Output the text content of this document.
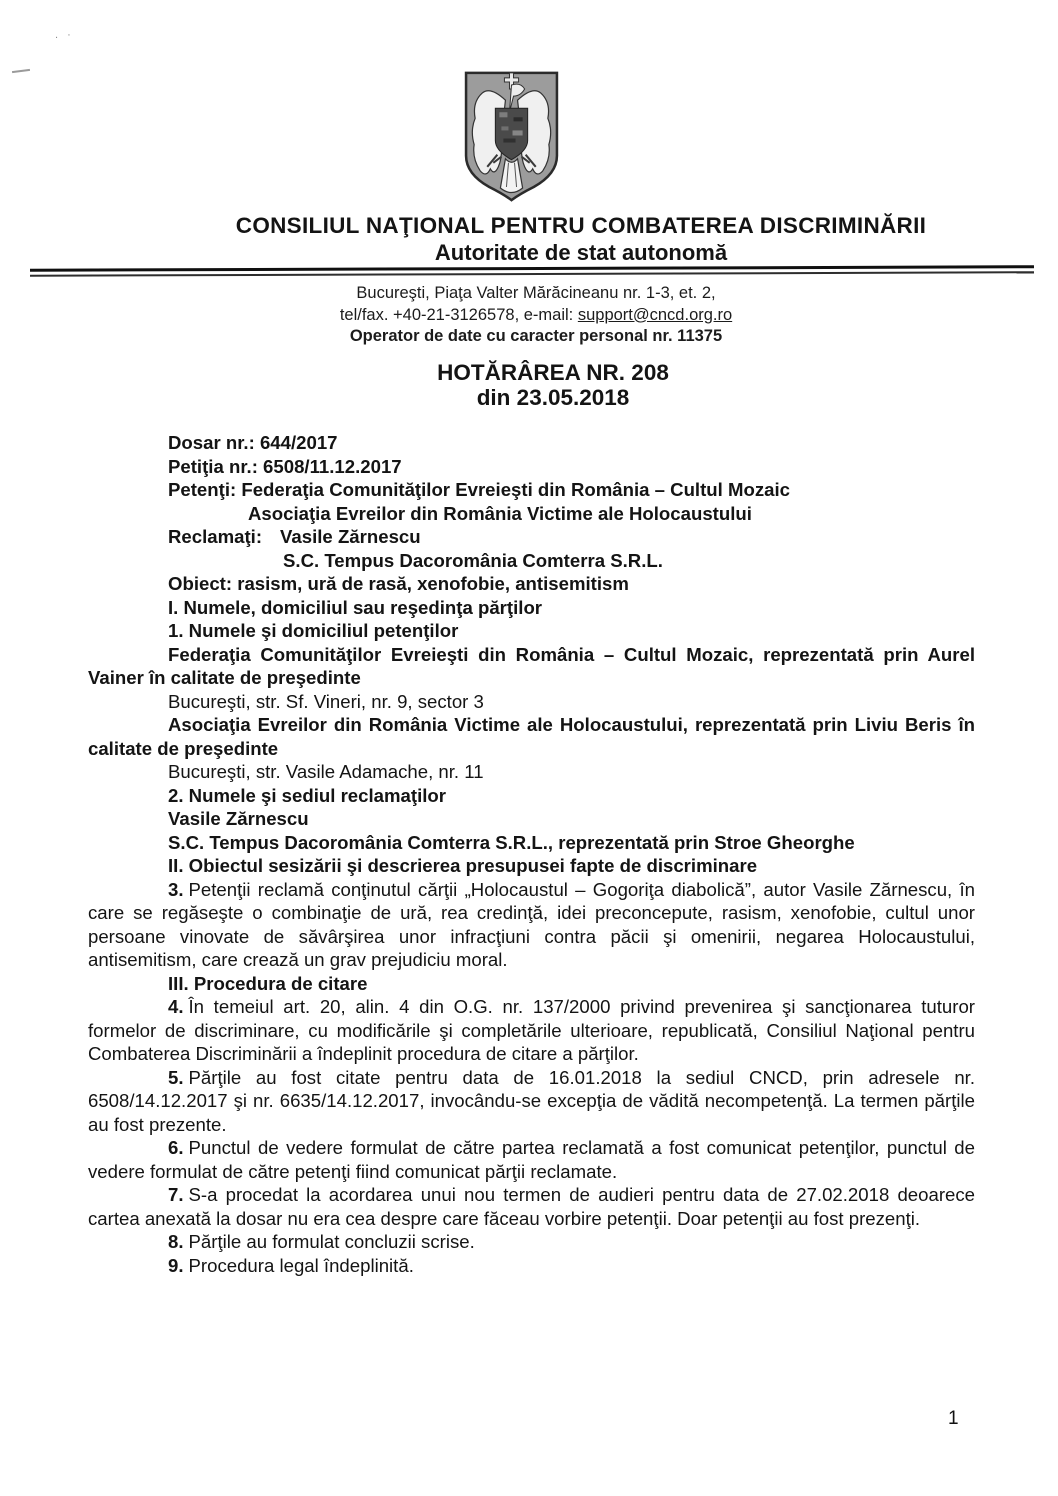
. ·
CONSILIUL NAŢIONAL PENTRU COMBATEREA DISCRIMINĂRII
Autoritate de stat autonomă
Bucureşti, Piaţa Valter Mărăcineanu nr. 1-3, et. 2,
tel/fax. +40-21-3126578, e-mail: support@cncd.org.ro
Operator de date cu caracter personal nr. 11375
HOTĂRÂREA NR. 208
din 23.05.2018
Dosar nr.: 644/2017
Petiţia nr.: 6508/11.12.2017
Petenţi: Federaţia Comunităţilor Evreieşti din România – Cultul Mozaic
Asociaţia Evreilor din România Victime ale Holocaustului
Reclamaţi: Vasile Zărnescu
S.C. Tempus Dacoromânia Comterra S.R.L.
Obiect: rasism, ură de rasă, xenofobie, antisemitism
I. Numele, domiciliul sau reşedinţa părţilor
1. Numele şi domiciliul petenţilor

Federaţia Comunităţilor Evreieşti din România – Cultul Mozaic, reprezentată prin Aurel Vainer în calitate de preşedinte

Bucureşti, str. Sf. Vineri, nr. 9, sector 3

Asociaţia Evreilor din România Victime ale Holocaustului, reprezentată prin Liviu Beris în calitate de preşedinte

Bucureşti, str. Vasile Adamache, nr. 11

2. Numele şi sediul reclamaţilor
Vasile Zărnescu

S.C. Tempus Dacoromânia Comterra S.R.L., reprezentată prin Stroe Gheorghe

II. Obiectul sesizării şi descrierea presupusei fapte de discriminare

3. Petenţii reclamă conţinutul cărţii „Holocaustul – Gogoriţa diabolică”, autor Vasile Zărnescu, în care se regăseşte o combinaţie de ură, rea credinţă, idei preconcepute, rasism, xenofobie, cultul unor persoane vinovate de săvârşirea unor infracţiuni contra păcii şi omenirii, negarea Holocaustului, antisemitism, care crează un grav prejudiciu moral.

III. Procedura de citare

4. În temeiul art. 20, alin. 4 din O.G. nr. 137/2000 privind prevenirea şi sancţionarea tuturor formelor de discriminare, cu modificările şi completările ulterioare, republicată, Consiliul Naţional pentru Combaterea Discriminării a îndeplinit procedura de citare a părţilor.

5. Părţile au fost citate pentru data de 16.01.2018 la sediul CNCD, prin adresele nr. 6508/14.12.2017 şi nr. 6635/14.12.2017, invocându-se excepţia de vădită necompetenţă. La termen părţile au fost prezente.

6. Punctul de vedere formulat de către partea reclamată a fost comunicat petenţilor, punctul de vedere formulat de către petenţi fiind comunicat părţii reclamate.

7. S-a procedat la acordarea unui nou termen de audieri pentru data de 27.02.2018 deoarece cartea anexată la dosar nu era cea despre care făceau vorbire petenţii. Doar petenţii au fost prezenţi.

8. Părţile au formulat concluzii scrise.

9. Procedura legal îndeplinită.

1
